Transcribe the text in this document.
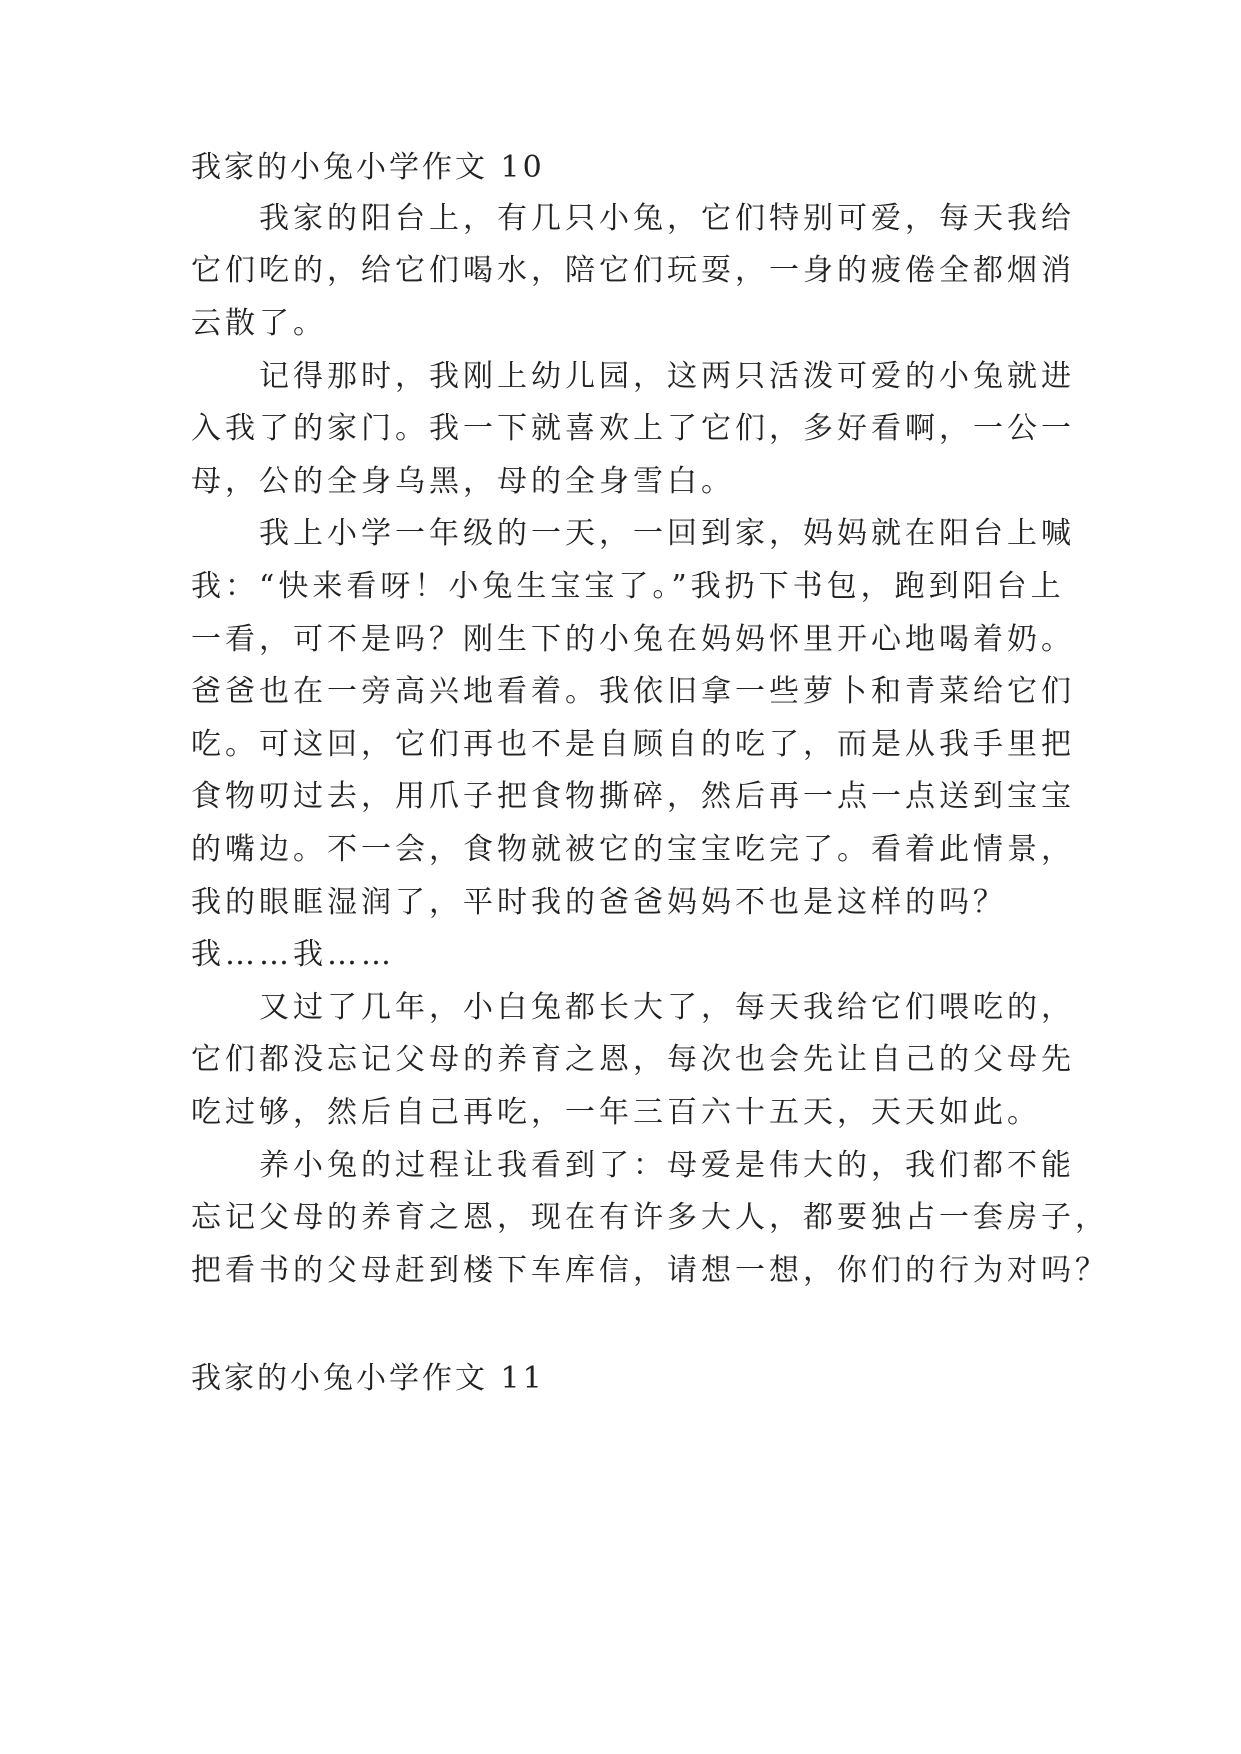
我家的小兔小学作文 10
　　我家的阳台上，有几只小兔，它们特别可爱，每天我给
它们吃的，给它们喝水，陪它们玩耍，一身的疲倦全都烟消
云散了。
　　记得那时，我刚上幼儿园，这两只活泼可爱的小兔就进
入我了的家门。我一下就喜欢上了它们，多好看啊，一公一
母，公的全身乌黑，母的全身雪白。
　　我上小学一年级的一天，一回到家，妈妈就在阳台上喊
我：“快来看呀！小兔生宝宝了。”我扔下书包，跑到阳台上
一看，可不是吗？刚生下的小兔在妈妈怀里开心地喝着奶。
爸爸也在一旁高兴地看着。我依旧拿一些萝卜和青菜给它们
吃。可这回，它们再也不是自顾自的吃了，而是从我手里把
食物叨过去，用爪子把食物撕碎，然后再一点一点送到宝宝
的嘴边。不一会，食物就被它的宝宝吃完了。看着此情景，
我的眼眶湿润了，平时我的爸爸妈妈不也是这样的吗？
我……我……
　　又过了几年，小白兔都长大了，每天我给它们喂吃的，
它们都没忘记父母的养育之恩，每次也会先让自己的父母先
吃过够，然后自己再吃，一年三百六十五天，天天如此。
　　养小兔的过程让我看到了：母爱是伟大的，我们都不能
忘记父母的养育之恩，现在有许多大人，都要独占一套房子，
把看书的父母赶到楼下车库信，请想一想，你们的行为对吗？
我家的小兔小学作文 11
